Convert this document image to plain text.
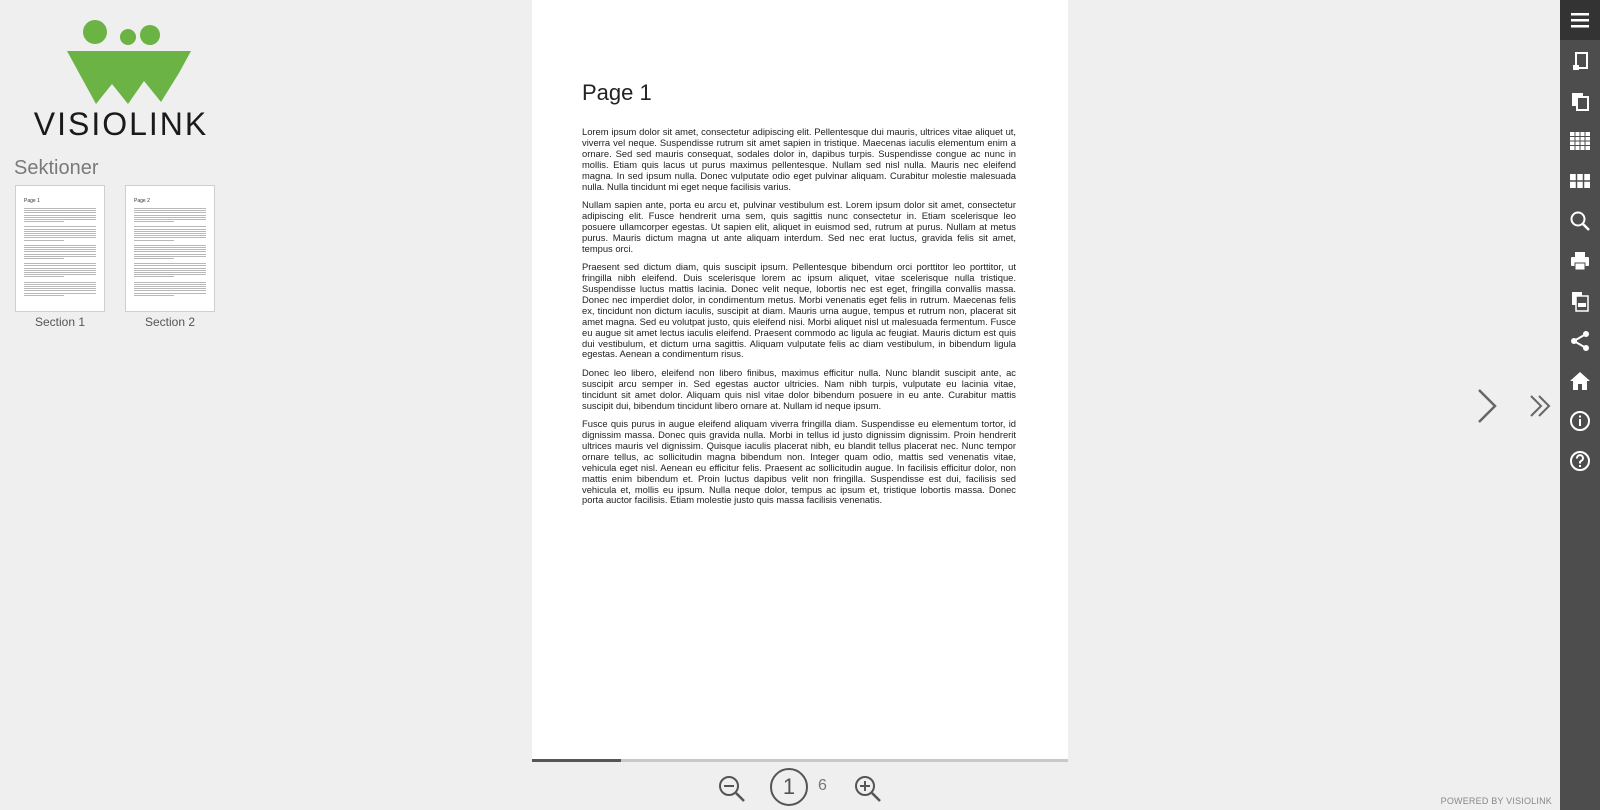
VISIOLINK
Sektioner
Page 1
Section 1
Page 2
Section 2
Page 1

Lorem ipsum dolor sit amet, consectetur adipiscing elit. Pellentesque dui mauris, ultrices vitae aliquet ut, viverra vel neque. Suspendisse rutrum sit amet sapien in tristique. Maecenas iaculis elementum enim a ornare. Sed sed mauris consequat, sodales dolor in, dapibus turpis. Suspendisse congue ac nunc in mollis. Etiam quis lacus ut purus maximus pellentesque. Nullam sed nisl nulla. Mauris nec eleifend magna. In sed ipsum nulla. Donec vulputate odio eget pulvinar aliquam. Curabitur molestie malesuada nulla. Nulla tincidunt mi eget neque facilisis varius.

Nullam sapien ante, porta eu arcu et, pulvinar vestibulum est. Lorem ipsum dolor sit amet, consectetur adipiscing elit. Fusce hendrerit urna sem, quis sagittis nunc consectetur in. Etiam scelerisque leo posuere ullamcorper egestas. Ut sapien elit, aliquet in euismod sed, rutrum at purus. Nullam at metus purus. Mauris dictum magna ut ante aliquam interdum. Sed nec erat luctus, gravida felis sit amet, tempus orci.

Praesent sed dictum diam, quis suscipit ipsum. Pellentesque bibendum orci porttitor leo porttitor, ut fringilla nibh eleifend. Duis scelerisque lorem ac ipsum aliquet, vitae scelerisque nulla tristique. Suspendisse luctus mattis lacinia. Donec velit neque, lobortis nec est eget, fringilla convallis massa. Donec nec imperdiet dolor, in condimentum metus. Morbi venenatis eget felis in rutrum. Maecenas felis ex, tincidunt non dictum iaculis, suscipit at diam. Mauris urna augue, tempus et rutrum non, placerat sit amet magna. Sed eu volutpat justo, quis eleifend nisi. Morbi aliquet nisl ut malesuada fermentum. Fusce eu augue sit amet lectus iaculis eleifend. Praesent commodo ac ligula ac feugiat. Mauris dictum est quis dui vestibulum, et dictum urna sagittis. Aliquam vulputate felis ac diam vestibulum, in bibendum ligula egestas. Aenean a condimentum risus.

Donec leo libero, eleifend non libero finibus, maximus efficitur nulla. Nunc blandit suscipit ante, ac suscipit arcu semper in. Sed egestas auctor ultricies. Nam nibh turpis, vulputate eu lacinia vitae, tincidunt sit amet dolor. Aliquam quis nisl vitae dolor bibendum posuere in eu ante. Curabitur mattis suscipit dui, bibendum tincidunt libero ornare at. Nullam id neque ipsum.

Fusce quis purus in augue eleifend aliquam viverra fringilla diam. Suspendisse eu elementum tortor, id dignissim massa. Donec quis gravida nulla. Morbi in tellus id justo dignissim dignissim. Proin hendrerit ultrices mauris vel dignissim. Quisque iaculis placerat nibh, eu blandit tellus placerat nec. Nunc tempor ornare tellus, ac sollicitudin magna bibendum non. Integer quam odio, mattis sed venenatis vitae, vehicula eget nisl. Aenean eu efficitur felis. Praesent ac sollicitudin augue. In facilisis efficitur dolor, non mattis enim bibendum et. Proin luctus dapibus velit non fringilla. Suspendisse est dui, facilisis sed vehicula et, mollis eu ipsum. Nulla neque dolor, tempus ac ipsum et, tristique lobortis massa. Donec porta auctor facilisis. Etiam molestie justo quis massa facilisis venenatis.

1	6
POWERED BY VISIOLINK
